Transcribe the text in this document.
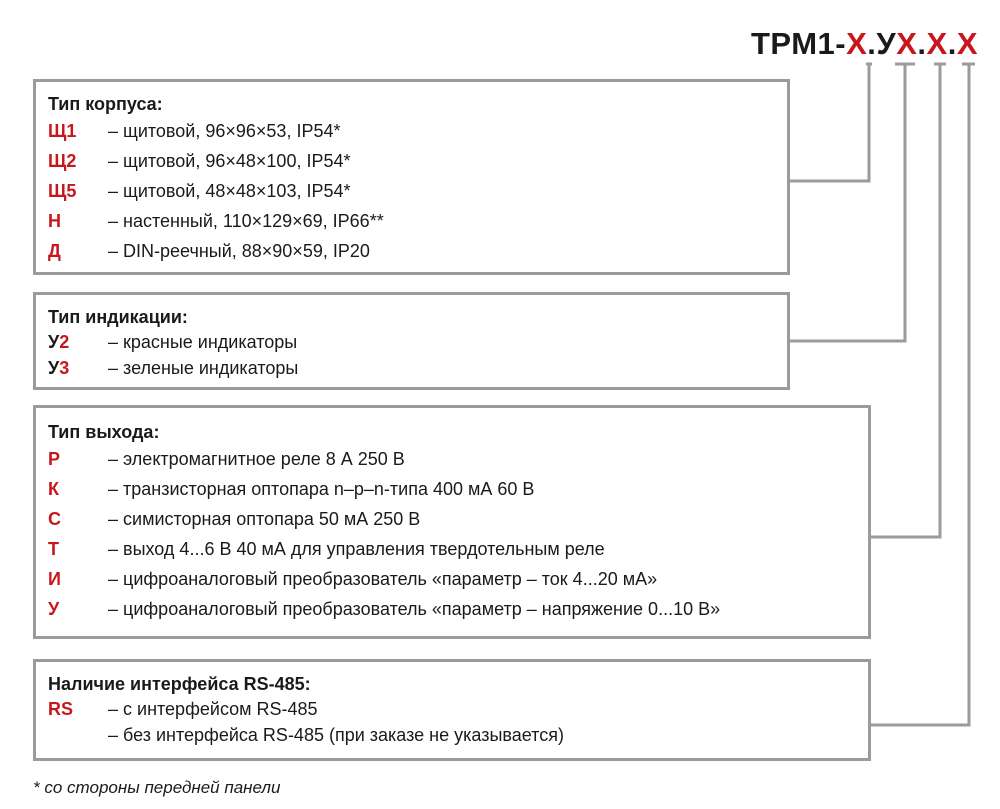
ТРМ1-Х.УХ.Х.Х
Тип корпуса:
Щ1	– щитовой, 96×96×53, IP54*
Щ2	– щитовой, 96×48×100, IP54*
Щ5	– щитовой, 48×48×103, IP54*
Н	– настенный, 110×129×69, IP66**
Д	– DIN-реечный, 88×90×59, IP20
Тип индикации:
У2	– красные индикаторы
У3	– зеленые индикаторы
Тип выхода:
Р	– электромагнитное реле 8 А 250 В
К	– транзисторная оптопара n–p–n-типа 400 мА 60 В
С	– симисторная оптопара 50 мА 250 В
Т	– выход 4...6 В 40 мА для управления твердотельным реле
И	– цифроаналоговый преобразователь «параметр – ток 4...20 мА»
У	– цифроаналоговый преобразователь «параметр – напряжение 0...10 В»
Наличие интерфейса RS-485:
RS	– с интерфейсом RS-485
– без интерфейса RS-485 (при заказе не указывается)
* со стороны передней панели
